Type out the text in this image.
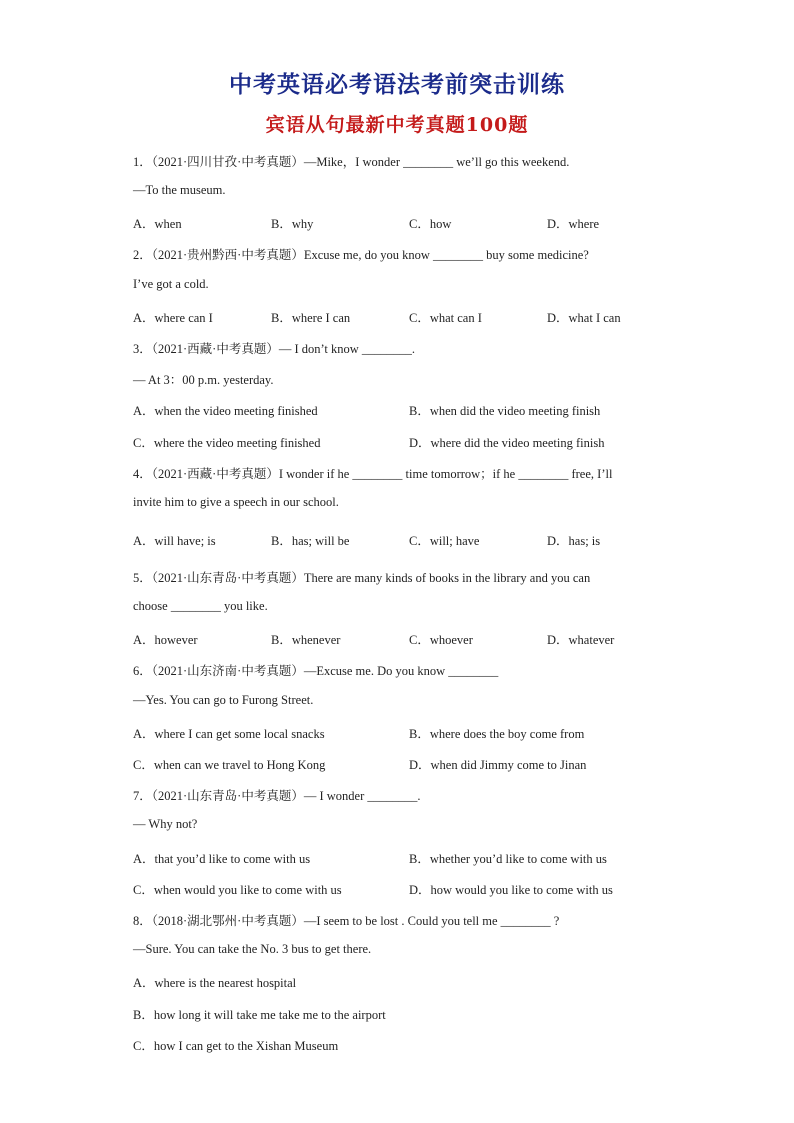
中考英语必考语法考前突击训练
宾语从句最新中考真题100题
1．（2021·四川甘孜·中考真题）—Mike，I wonder ________ we’ll go this weekend.
—To the museum.
A．when	B．why	C．how	D．where
2．（2021·贵州黔西·中考真题）Excuse me, do you know ________ buy some medicine?
I’ve got a cold.
A．where can I	B．where I can	C．what can I	D．what I can
3．（2021·西藏·中考真题）— I don’t know ________.
— At 3：00 p.m. yesterday.
A．when the video meeting finished	B．when did the video meeting finish
C．where the video meeting finished	D．where did the video meeting finish
4．（2021·西藏·中考真题）I wonder if he ________ time tomorrow；if he ________ free, I’ll
invite him to give a speech in our school.
A．will have; is	B．has; will be	C．will; have	D．has; is
5．（2021·山东青岛·中考真题）There are many kinds of books in the library and you can
choose ________ you like.
A．however	B．whenever	C．whoever	D．whatever
6．（2021·山东济南·中考真题）—Excuse me. Do you know ________
—Yes. You can go to Furong Street.
A．where I can get some local snacks	B．where does the boy come from
C．when can we travel to Hong Kong	D．when did Jimmy come to Jinan
7．（2021·山东青岛·中考真题）— I wonder ________.
— Why not?
A．that you’d like to come with us	B．whether you’d like to come with us
C．when would you like to come with us	D．how would you like to come with us
8．（2018·湖北鄂州·中考真题）—I seem to be lost . Could you tell me ________ ?
—Sure. You can take the No. 3 bus to get there.
A．where is the nearest hospital
B．how long it will take me take me to the airport
C．how I can get to the Xishan Museum
